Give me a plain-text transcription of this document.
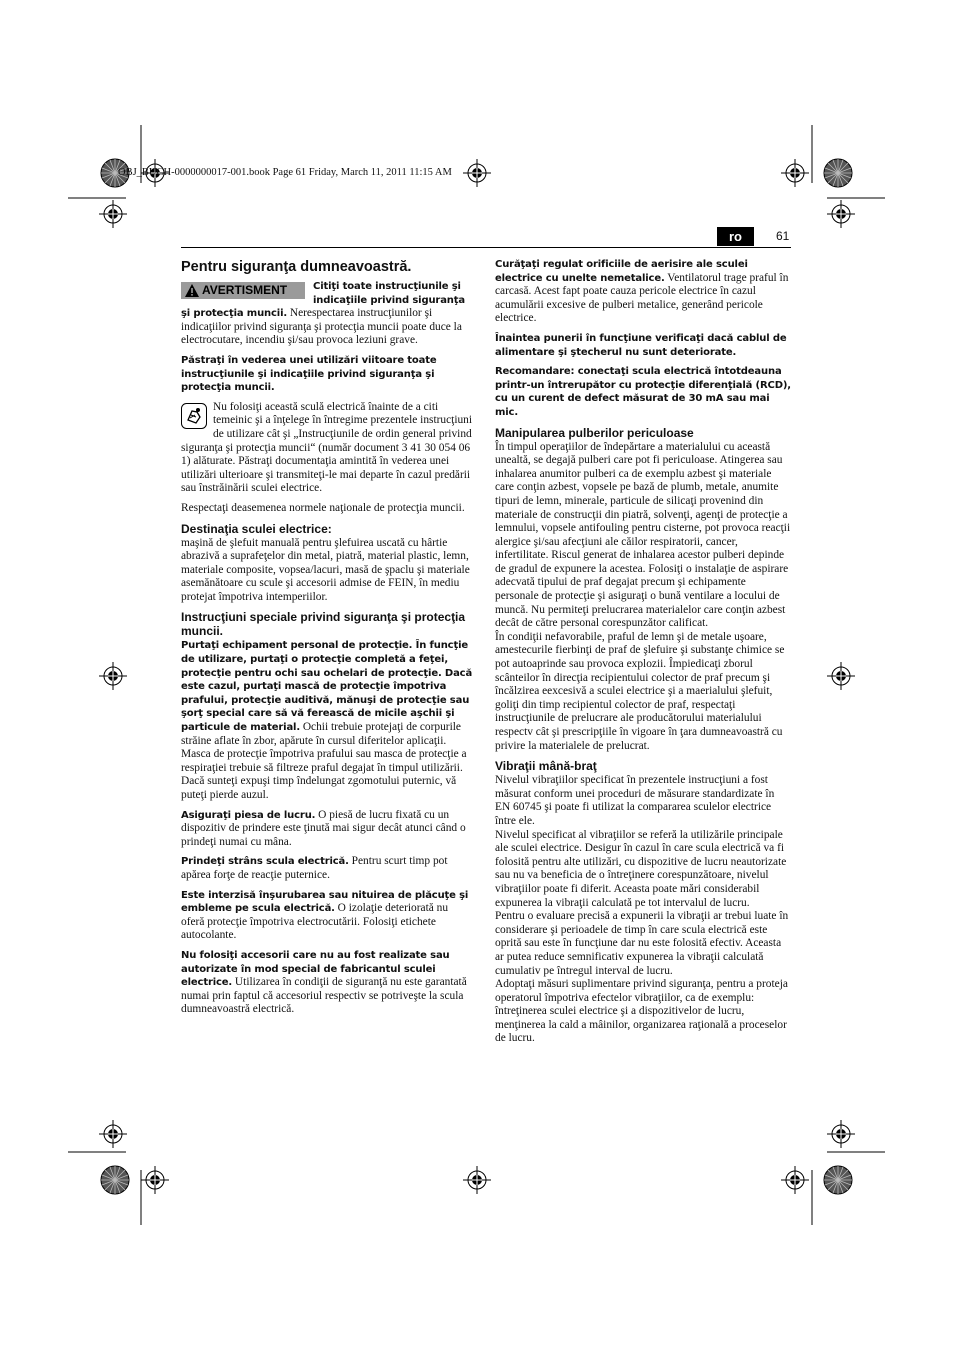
OBJ_BUCH-0000000017-001.book Page 61 Friday, March 11, 2011 11:15 AM
ro	61
Pentru siguranţa dumneavoastră.

AVERTISMENT	Citiţi toate instrucţiunile şi indicaţiile privind siguranţa şi protecţia muncii. Nerespectarea instrucţiunilor şi indicaţiilor privind siguranţa şi protecţia muncii poate duce la electrocutare, incendiu şi/sau provoca leziuni grave.

Păstraţi în vederea unei utilizări viitoare toate instrucţiunile şi indicaţiile privind siguranţa şi protecţia muncii.

Nu folosiţi această sculă electrică înainte de a citi temeinic şi a înţelege în întregime prezentele instrucţiuni de utilizare cât şi „Instrucţiunile de ordin general privind siguranţa şi protecţia muncii“ (număr document 3 41 30 054 06 1) alăturate. Păstraţi documentaţia amintită în vederea unei utilizări ulterioare şi transmiteţi-le mai departe în cazul predării sau înstrăinării sculei electrice.

Respectaţi deasemenea normele naţionale de protecţia muncii.

Destinaţia sculei electrice:

maşină de şlefuit manuală pentru şlefuirea uscată cu hârtie abrazivă a suprafeţelor din metal, piatră, material plastic, lemn, materiale composite, vopsea/lacuri, masă de şpaclu şi materiale asemănătoare cu scule şi accesorii admise de FEIN, în mediu protejat împotriva intemperiilor.

Instrucţiuni speciale privind siguranţa şi protecţia muncii.

Purtaţi echipament personal de protecţie. În funcţie de utilizare, purtaţi o protecţie completă a feţei, protecţie pentru ochi sau ochelari de protecţie. Dacă este cazul, purtaţi mască de protecţie împotriva prafului, protecţie auditivă, mănuşi de protecţie sau şorţ special care să vă ferească de micile aşchii şi particule de material. Ochii trebuie protejaţi de corpurile străine aflate în zbor, apărute în cursul diferitelor aplicaţii. Masca de protecţie împotriva prafului sau masca de protecţie a respiraţiei trebuie să filtreze praful degajat în timpul utilizării. Dacă sunteţi expuşi timp îndelungat zgomotului puternic, vă puteţi pierde auzul.

Asiguraţi piesa de lucru. O piesă de lucru fixată cu un dispozitiv de prindere este ţinută mai sigur decât atunci când o prindeţi numai cu mâna.

Prindeţi strâns scula electrică. Pentru scurt timp pot apărea forţe de reacţie puternice.

Este interzisă înşurubarea sau nituirea de plăcuţe şi embleme pe scula electrică. O izolaţie deteriorată nu oferă protecţie împotriva electrocutării. Folosiţi etichete autocolante.

Nu folosiţi accesorii care nu au fost realizate sau autorizate în mod special de fabricantul sculei electrice. Utilizarea în condiţii de siguranţă nu este garantată numai prin faptul că accesoriul respectiv se potriveşte la scula dumneavoastră electrică.

Curăţaţi regulat orificiile de aerisire ale sculei electrice cu unelte nemetalice. Ventilatorul trage praful în carcasă. Acest fapt poate cauza pericole electrice în cazul acumulării excesive de pulberi metalice, generând pericole electrice.

Înaintea punerii în funcţiune verificaţi dacă cablul de alimentare şi ştecherul nu sunt deteriorate.

Recomandare: conectaţi scula electrică întotdeauna printr-un întrerupător cu protecţie diferenţială (RCD), cu un curent de defect măsurat de 30 mA sau mai mic.

Manipularea pulberilor periculoase

În timpul operaţiilor de îndepărtare a materialului cu această unealtă, se degajă pulberi care pot fi periculoase. Atingerea sau inhalarea anumitor pulberi ca de exemplu azbest şi materiale care conţin azbest, vopsele pe bază de plumb, metale, anumite tipuri de lemn, minerale, particule de silicaţi provenind din materiale de construcţii din piatră, solvenţi, agenţi de protecţie a lemnului, vopsele antifouling pentru cisterne, pot provoca reacţii alergice şi/sau afecţiuni ale căilor respiratorii, cancer, infertilitate. Riscul generat de inhalarea acestor pulberi depinde de gradul de expunere la acestea. Folosiţi o instalaţie de aspirare adecvată tipului de praf degajat precum şi echipamente personale de protecţie şi asiguraţi o bună ventilare a locului de muncă. Nu permiteţi prelucrarea materialelor care conţin azbest decât de către personal corespunzător calificat.

În condiţii nefavorabile, praful de lemn şi de metale uşoare, amestecurile fierbinţi de praf de şlefuire şi substanţe chimice se pot autoaprinde sau provoca explozii. Împiedicaţi zborul scânteilor în direcţia recipientului colector de praf precum şi încălzirea eexcesivă a sculei electrice şi a maerialului şlefuit, goliţi din timp recipientul colector de praf, respectaţi instrucţiunile de prelucrare ale producătorului materialului respectv cât şi prescripţiile în vigoare în ţara dumneavoastră cu privire la materialele de prelucrat.

Vibraţii mână-braţ

Nivelul vibraţiilor specificat în prezentele instrucţiuni a fost măsurat conform unei proceduri de măsurare standardizate în EN 60745 şi poate fi utilizat la compararea sculelor electrice între ele.

Nivelul specificat al vibraţiilor se referă la utilizările principale ale sculei electrice. Desigur în cazul în care scula electrică va fi folosită pentru alte utilizări, cu dispozitive de lucru neautorizate sau nu va beneficia de o întreţinere corespunzătoare, nivelul vibraţiilor poate fi diferit. Aceasta poate mări considerabil expunerea la vibraţii calculată pe tot intervalul de lucru.

Pentru o evaluare precisă a expunerii la vibraţii ar trebui luate în considerare şi perioadele de timp în care scula electrică este oprită sau este în funcţiune dar nu este folosită efectiv. Aceasta ar putea reduce semnificativ expunerea la vibraţii calculată cumulativ pe întregul interval de lucru.

Adoptaţi măsuri suplimentare privind siguranţa, pentru a proteja operatorul împotriva efectelor vibraţiilor, ca de exemplu: întreţinerea sculei electrice şi a dispozitivelor de lucru, menţinerea la cald a mâinilor, organizarea raţională a proceselor de lucru.
